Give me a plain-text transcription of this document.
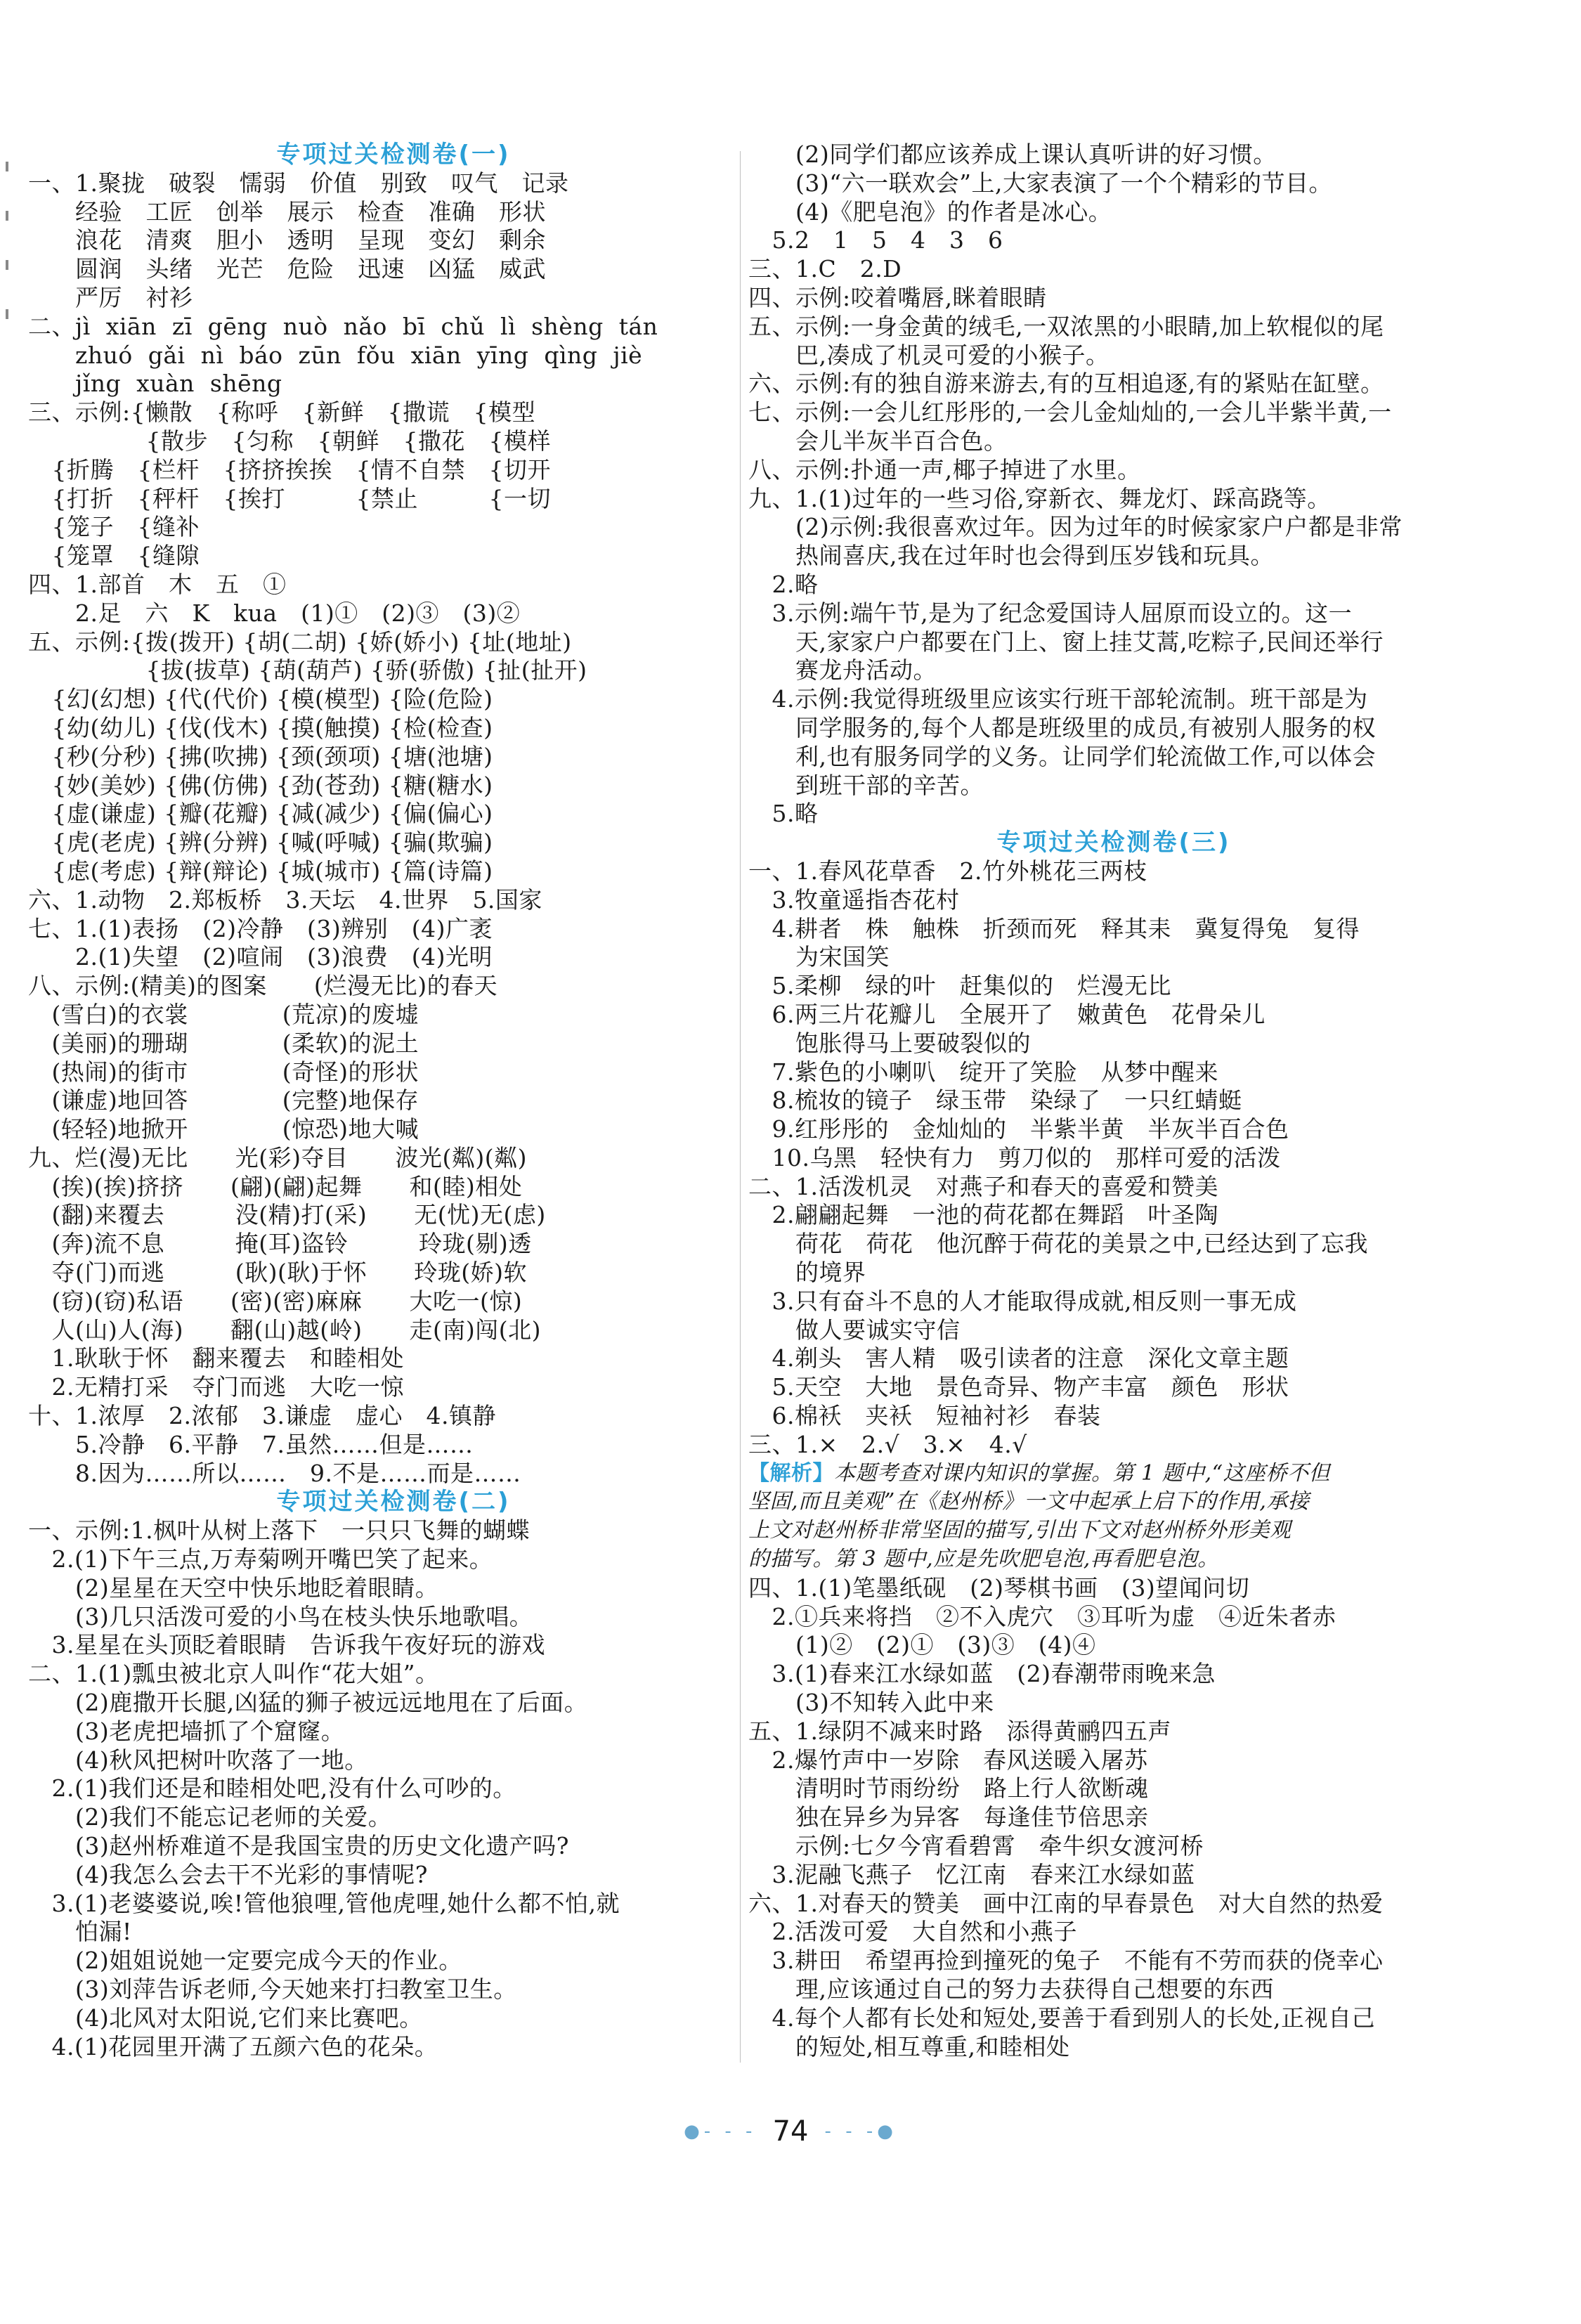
专项过关检测卷(一)
一、1.聚拢　破裂　懦弱　价值　别致　叹气　记录
　　经验　工匠　创举　展示　检查　准确　形状
　　浪花　清爽　胆小　透明　呈现　变幻　剩余
　　圆润　头绪　光芒　危险　迅速　凶猛　威武
　　严厉　衬衫
二、jì  xiān  zī  gēng  nuò  nǎo  bī  chǔ  lì  shèng  tán
　　zhuó  gǎi  nì  báo  zūn  fǒu  xiān  yīng  qìng  jiè
　　jǐng  xuàn  shēng
三、示例:{懒散　{称呼　{新鲜　{撒谎　{模型
　　　　　{散步　{匀称　{朝鲜　{撒花　{模样
　{折腾　{栏杆　{挤挤挨挨　{情不自禁　{切开
　{打折　{秤杆　{挨打　　　{禁止　　　{一切
　{笼子　{缝补
　{笼罩　{缝隙
四、1.部首　木　五　①
　　2.足　六　K　kua　(1)①　(2)③　(3)②
五、示例:{拨(拨开) {胡(二胡) {娇(娇小) {址(地址)
　　　　　{拔(拔草) {葫(葫芦) {骄(骄傲) {扯(扯开)
　{幻(幻想) {代(代价) {模(模型) {险(危险)
　{幼(幼儿) {伐(伐木) {摸(触摸) {检(检查)
　{秒(分秒) {拂(吹拂) {颈(颈项) {塘(池塘)
　{妙(美妙) {佛(仿佛) {劲(苍劲) {糖(糖水)
　{虚(谦虚) {瓣(花瓣) {减(减少) {偏(偏心)
　{虎(老虎) {辨(分辨) {喊(呼喊) {骗(欺骗)
　{虑(考虑) {辩(辩论) {城(城市) {篇(诗篇)
六、1.动物　2.郑板桥　3.天坛　4.世界　5.国家
七、1.(1)表扬　(2)冷静　(3)辨别　(4)广袤
　　2.(1)失望　(2)喧闹　(3)浪费　(4)光明
八、示例:(精美)的图案　　(烂漫无比)的春天
　(雪白)的衣裳　　　　(荒凉)的废墟
　(美丽)的珊瑚　　　　(柔软)的泥土
　(热闹)的街市　　　　(奇怪)的形状
　(谦虚)地回答　　　　(完整)地保存
　(轻轻)地掀开　　　　(惊恐)地大喊
九、烂(漫)无比　　光(彩)夺目　　波光(粼)(粼)
　(挨)(挨)挤挤　　(翩)(翩)起舞　　和(睦)相处
　(翻)来覆去　　　没(精)打(采)　　无(忧)无(虑)
　(奔)流不息　　　掩(耳)盗铃　　　玲珑(剔)透
　夺(门)而逃　　　(耿)(耿)于怀　　玲珑(娇)软
　(窃)(窃)私语　　(密)(密)麻麻　　大吃一(惊)
　人(山)人(海)　　翻(山)越(岭)　　走(南)闯(北)
　1.耿耿于怀　翻来覆去　和睦相处
　2.无精打采　夺门而逃　大吃一惊
十、1.浓厚　2.浓郁　3.谦虚　虚心　4.镇静
　　5.冷静　6.平静　7.虽然……但是……
　　8.因为……所以……　9.不是……而是……
专项过关检测卷(二)
一、示例:1.枫叶从树上落下　一只只飞舞的蝴蝶
　2.(1)下午三点,万寿菊咧开嘴巴笑了起来。
　　(2)星星在天空中快乐地眨着眼睛。
　　(3)几只活泼可爱的小鸟在枝头快乐地歌唱。
　3.星星在头顶眨着眼睛　告诉我午夜好玩的游戏
二、1.(1)瓢虫被北京人叫作“花大姐”。
　　(2)鹿撒开长腿,凶猛的狮子被远远地甩在了后面。
　　(3)老虎把墙抓了个窟窿。
　　(4)秋风把树叶吹落了一地。
　2.(1)我们还是和睦相处吧,没有什么可吵的。
　　(2)我们不能忘记老师的关爱。
　　(3)赵州桥难道不是我国宝贵的历史文化遗产吗?
　　(4)我怎么会去干不光彩的事情呢?
　3.(1)老婆婆说,唉!管他狼哩,管他虎哩,她什么都不怕,就
　　怕漏!
　　(2)姐姐说她一定要完成今天的作业。
　　(3)刘萍告诉老师,今天她来打扫教室卫生。
　　(4)北风对太阳说,它们来比赛吧。
　4.(1)花园里开满了五颜六色的花朵。
　　(2)同学们都应该养成上课认真听讲的好习惯。
　　(3)“六一联欢会”上,大家表演了一个个精彩的节目。
　　(4)《肥皂泡》的作者是冰心。
　5.2　1　5　4　3　6
三、1.C　2.D
四、示例:咬着嘴唇,眯着眼睛
五、示例:一身金黄的绒毛,一双浓黑的小眼睛,加上软棍似的尾
　　巴,凑成了机灵可爱的小猴子。
六、示例:有的独自游来游去,有的互相追逐,有的紧贴在缸壁。
七、示例:一会儿红彤彤的,一会儿金灿灿的,一会儿半紫半黄,一
　　会儿半灰半百合色。
八、示例:扑通一声,椰子掉进了水里。
九、1.(1)过年的一些习俗,穿新衣、舞龙灯、踩高跷等。
　　(2)示例:我很喜欢过年。因为过年的时候家家户户都是非常
　　热闹喜庆,我在过年时也会得到压岁钱和玩具。
　2.略
　3.示例:端午节,是为了纪念爱国诗人屈原而设立的。这一
　　天,家家户户都要在门上、窗上挂艾蒿,吃粽子,民间还举行
　　赛龙舟活动。
　4.示例:我觉得班级里应该实行班干部轮流制。班干部是为
　　同学服务的,每个人都是班级里的成员,有被别人服务的权
　　利,也有服务同学的义务。让同学们轮流做工作,可以体会
　　到班干部的辛苦。
　5.略
专项过关检测卷(三)
一、1.春风花草香　2.竹外桃花三两枝
　3.牧童遥指杏花村
　4.耕者　株　触株　折颈而死　释其耒　冀复得兔　复得
　　为宋国笑
　5.柔柳　绿的叶　赶集似的　烂漫无比
　6.两三片花瓣儿　全展开了　嫩黄色　花骨朵儿
　　饱胀得马上要破裂似的
　7.紫色的小喇叭　绽开了笑脸　从梦中醒来
　8.梳妆的镜子　绿玉带　染绿了　一只红蜻蜓
　9.红彤彤的　金灿灿的　半紫半黄　半灰半百合色
　10.乌黑　轻快有力　剪刀似的　那样可爱的活泼
二、1.活泼机灵　对燕子和春天的喜爱和赞美
　2.翩翩起舞　一池的荷花都在舞蹈　叶圣陶
　　荷花　荷花　他沉醉于荷花的美景之中,已经达到了忘我
　　的境界
　3.只有奋斗不息的人才能取得成就,相反则一事无成
　　做人要诚实守信
　4.剃头　害人精　吸引读者的注意　深化文章主题
　5.天空　大地　景色奇异、物产丰富　颜色　形状
　6.棉袄　夹袄　短袖衬衫　春装
三、1.×　2.√　3.×　4.√
【解析】本题考查对课内知识的掌握。第 1 题中,“这座桥不但
坚固,而且美观”在《赵州桥》一文中起承上启下的作用,承接
上文对赵州桥非常坚固的描写,引出下文对赵州桥外形美观
的描写。第 3 题中,应是先吹肥皂泡,再看肥皂泡。
四、1.(1)笔墨纸砚　(2)琴棋书画　(3)望闻问切
　2.①兵来将挡　②不入虎穴　③耳听为虚　④近朱者赤
　　(1)②　(2)①　(3)③　(4)④
　3.(1)春来江水绿如蓝　(2)春潮带雨晚来急
　　(3)不知转入此中来
五、1.绿阴不减来时路　添得黄鹂四五声
　2.爆竹声中一岁除　春风送暖入屠苏
　　清明时节雨纷纷　路上行人欲断魂
　　独在异乡为异客　每逢佳节倍思亲
　　示例:七夕今宵看碧霄　牵牛织女渡河桥
　3.泥融飞燕子　忆江南　春来江水绿如蓝
六、1.对春天的赞美　画中江南的早春景色　对大自然的热爱
　2.活泼可爱　大自然和小燕子
　3.耕田　希望再捡到撞死的兔子　不能有不劳而获的侥幸心
　　理,应该通过自己的努力去获得自己想要的东西
　4.每个人都有长处和短处,要善于看到别人的长处,正视自己
　　的短处,相互尊重,和睦相处
●- - - 74 - - -●
